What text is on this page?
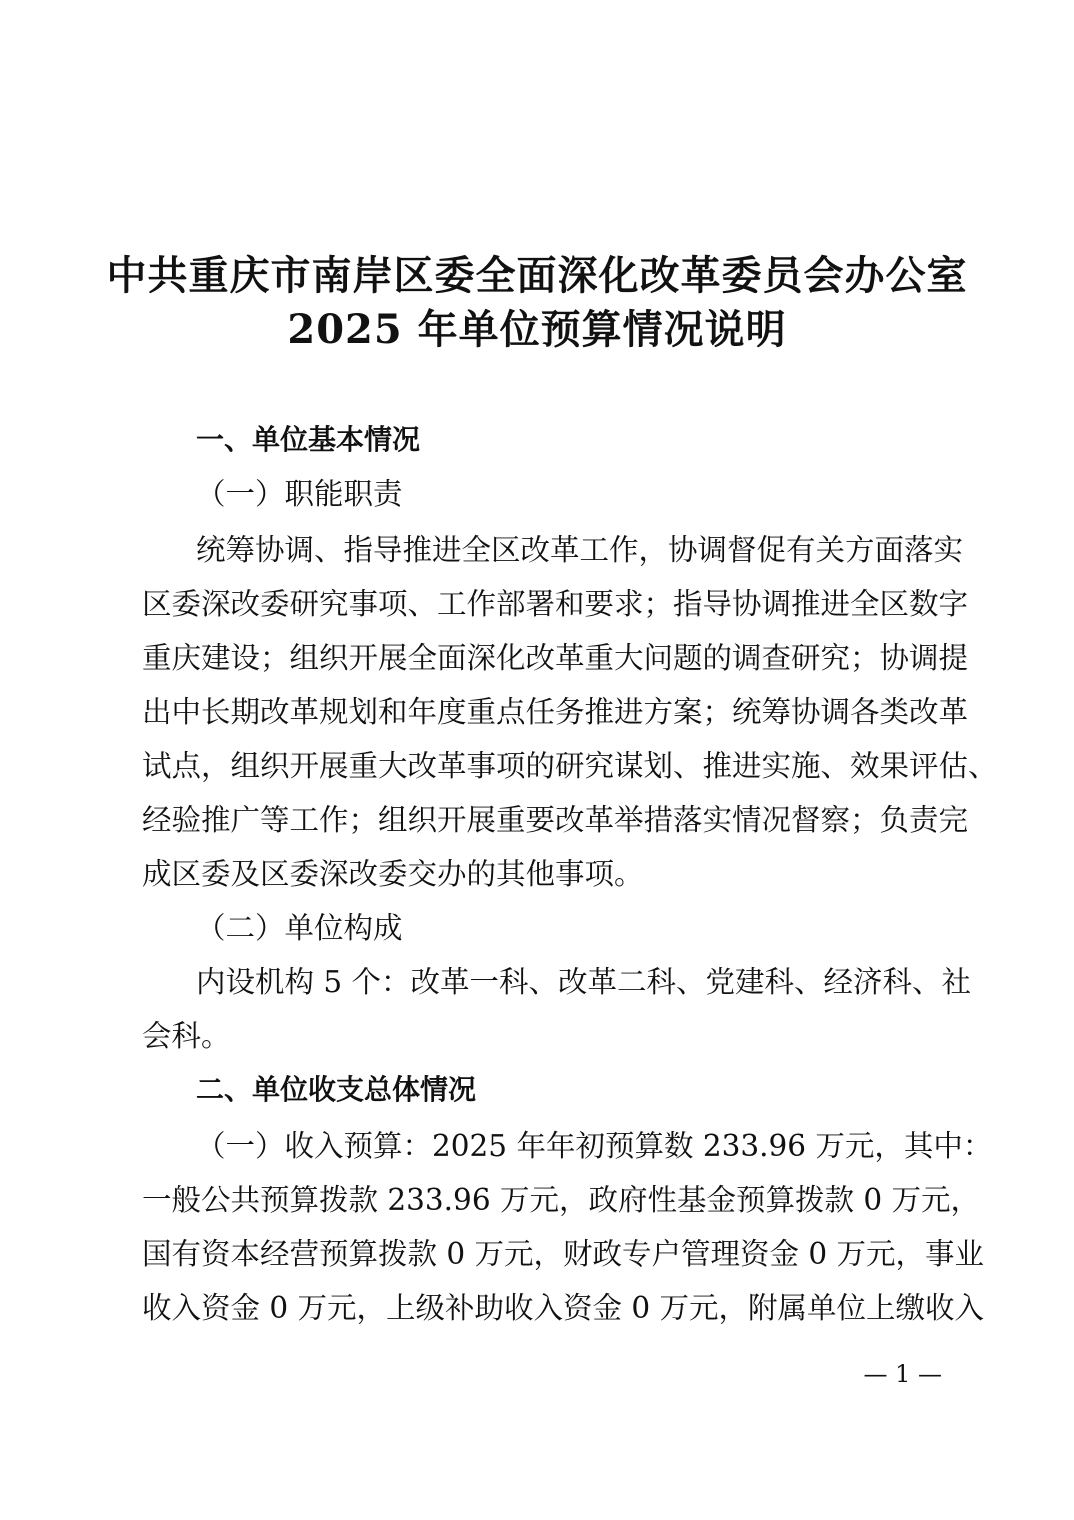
中共重庆市南岸区委全面深化改革委员会办公室
2025 年单位预算情况说明
一、单位基本情况
（一）职能职责
统筹协调、指导推进全区改革工作，协调督促有关方面落实
区委深改委研究事项、工作部署和要求；指导协调推进全区数字
重庆建设；组织开展全面深化改革重大问题的调查研究；协调提
出中长期改革规划和年度重点任务推进方案；统筹协调各类改革
试点，组织开展重大改革事项的研究谋划、推进实施、效果评估、
经验推广等工作；组织开展重要改革举措落实情况督察；负责完
成区委及区委深改委交办的其他事项。
（二）单位构成
内设机构 5 个：改革一科、改革二科、党建科、经济科、社
会科。
二、单位收支总体情况
（一）收入预算：2025 年年初预算数 233.96 万元，其中：
一般公共预算拨款 233.96 万元，政府性基金预算拨款 0 万元，
国有资本经营预算拨款 0 万元，财政专户管理资金 0 万元，事业
收入资金 0 万元，上级补助收入资金 0 万元，附属单位上缴收入
— 1 —
